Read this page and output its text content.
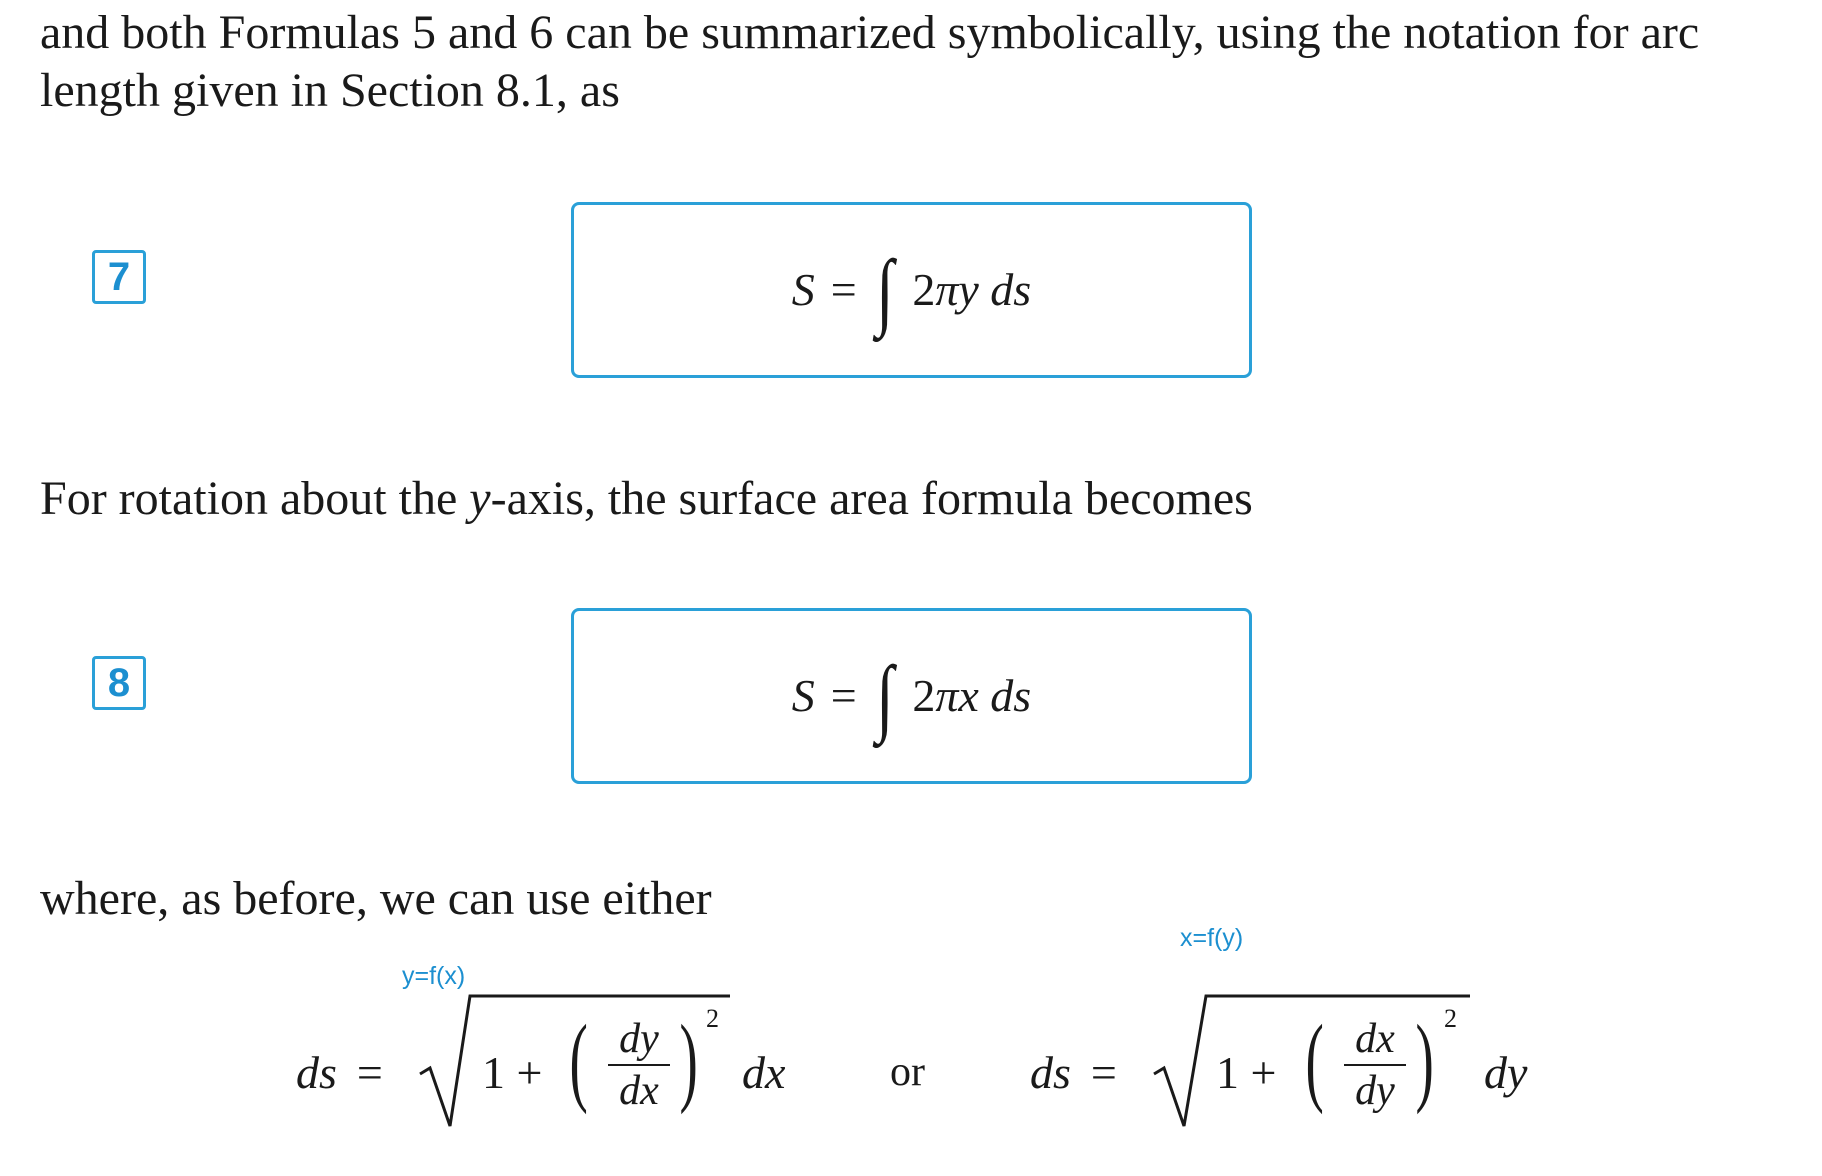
and both Formulas 5 and 6 can be summarized symbolically, using the notation for arc
length given in Section 8.1, as
7	S = ∫ 2πy ds
For rotation about the y-axis, the surface area formula becomes
8	S = ∫ 2πx ds
where, as before, we can use either
y=f(x)
x=f(y)
ds =	1 + ( dy
dx ) 2
dx or ds =	1 + ( dx
dy ) 2
dy
